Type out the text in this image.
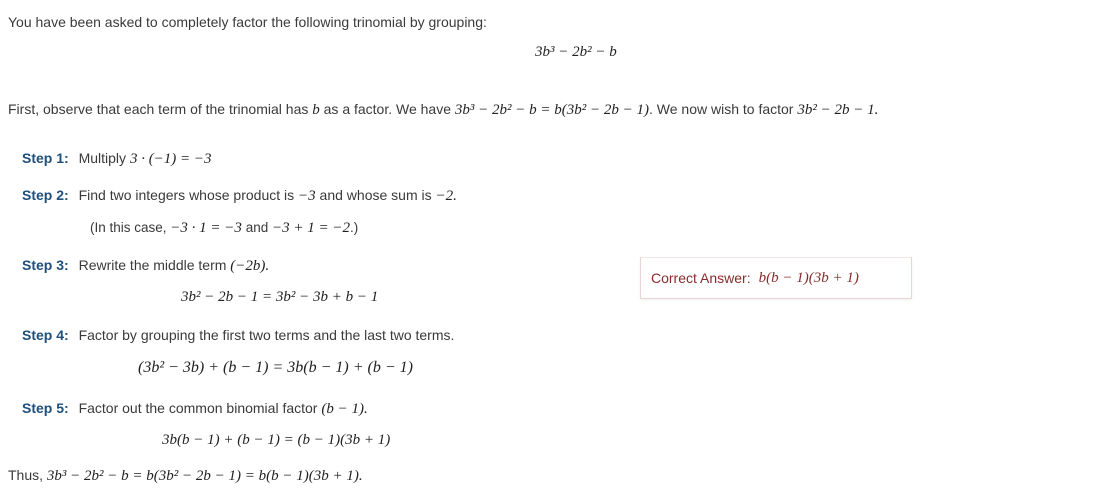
You have been asked to completely factor the following trinomial by grouping:
3b³ − 2b² − b
First, observe that each term of the trinomial has b as a factor. We have 3b³ − 2b² − b = b(3b² − 2b − 1). We now wish to factor 3b² − 2b − 1.
Step 1: Multiply 3 · (−1) = −3
Step 2: Find two integers whose product is −3 and whose sum is −2.
(In this case, −3 · 1 = −3 and −3 + 1 = −2.)
Step 3: Rewrite the middle term (−2b).
3b² − 2b − 1 = 3b² − 3b + b − 1
Correct Answer: b(b − 1)(3b + 1)
Step 4: Factor by grouping the first two terms and the last two terms.
(3b² − 3b) + (b − 1) = 3b(b − 1) + (b − 1)
Step 5: Factor out the common binomial factor (b − 1).
3b(b − 1) + (b − 1) = (b − 1)(3b + 1)
Thus, 3b³ − 2b² − b = b(3b² − 2b − 1) = b(b − 1)(3b + 1).
